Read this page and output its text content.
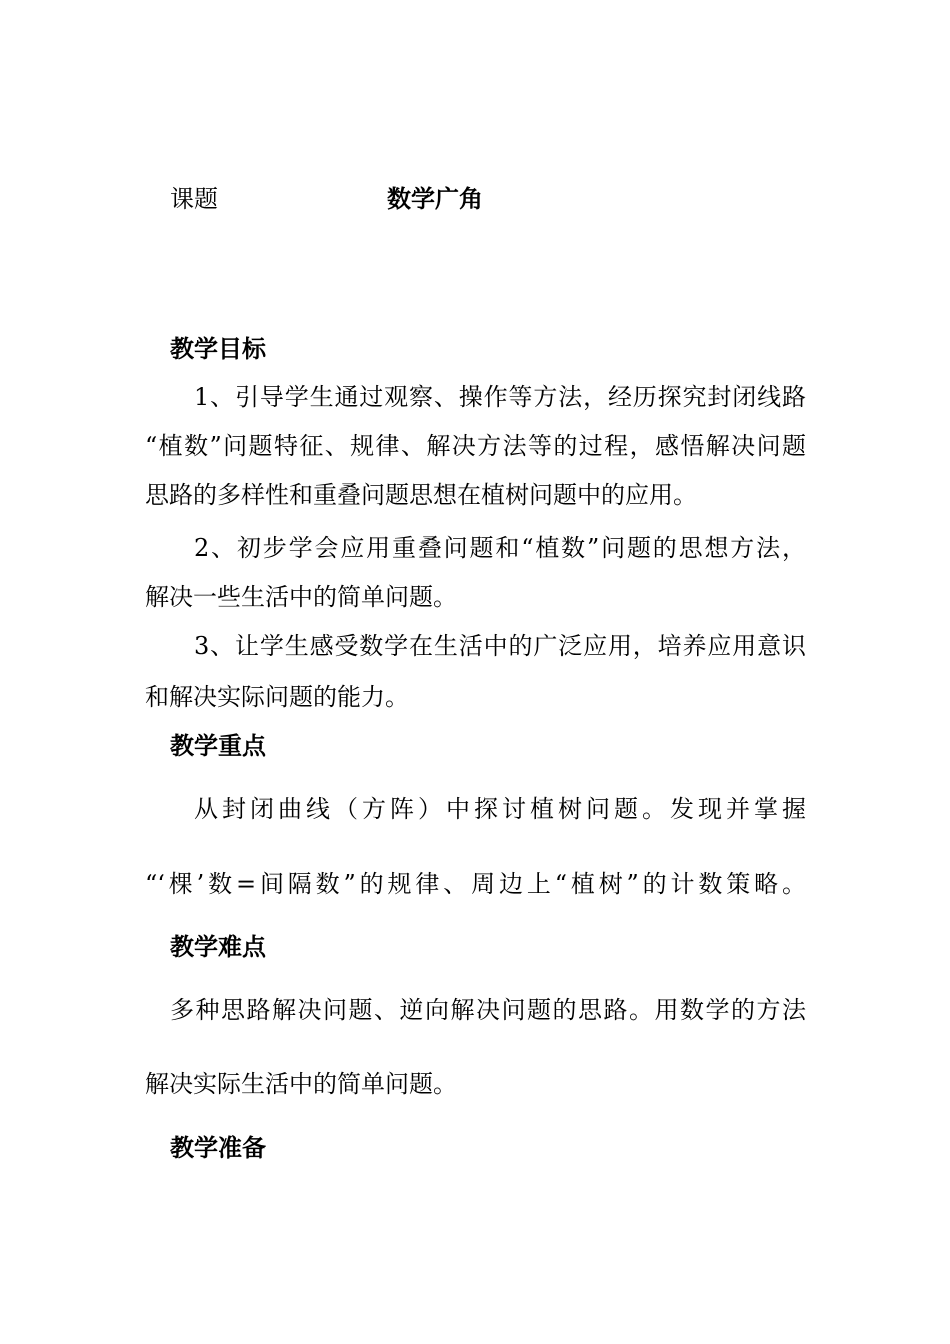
课题	数学广角
教学目标
1、引导学生通过观察、操作等方法，经历探究封闭线路
“植数”问题特征、规律、解决方法等的过程，感悟解决问题
思路的多样性和重叠问题思想在植树问题中的应用。
2、初步学会应用重叠问题和“植数”问题的思想方法，
解决一些生活中的简单问题。
3、让学生感受数学在生活中的广泛应用，培养应用意识
和解决实际问题的能力。
教学重点
从封闭曲线（方阵）中探讨植树问题。发现并掌握
“‘棵’数=间隔数”的规律、周边上“植树”的计数策略。
教学难点
多种思路解决问题、逆向解决问题的思路。用数学的方法
解决实际生活中的简单问题。
教学准备
